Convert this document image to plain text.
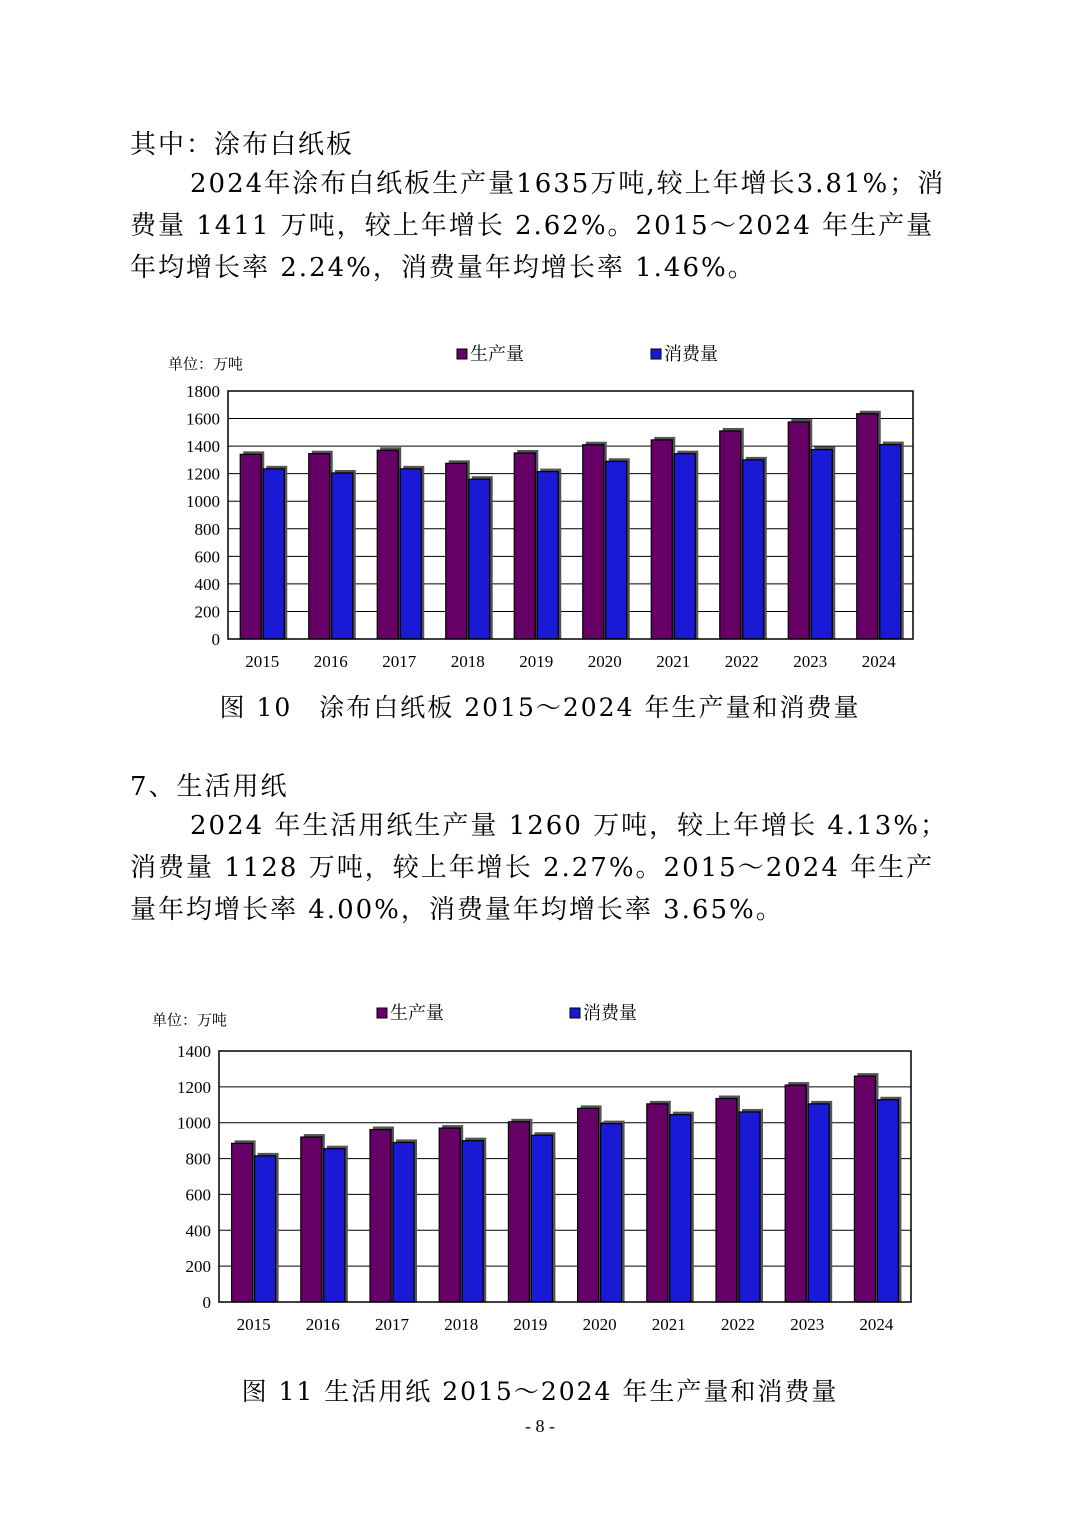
其中：涂布白纸板
2024年涂布白纸板生产量1635万吨,较上年增长3.81%；消费量 1411 万吨，较上年增长 2.62%。2015～2024 年生产量年均增长率 2.24%，消费量年均增长率 1.46%。
单位：万吨	生产量	消费量
0
200
400
600
800
1000
1200
1400
1600
1800
2015 2016 2017 2018 2019 2020 2021 2022 2023 2024
图 10　涂布白纸板 2015～2024 年生产量和消费量
7、生活用纸
2024 年生活用纸生产量 1260 万吨，较上年增长 4.13%；消费量 1128 万吨，较上年增长 2.27%。2015～2024 年生产量年均增长率 4.00%，消费量年均增长率 3.65%。
单位：万吨	生产量	消费量
0
200
400
600
800
1000
1200
1400
2015 2016 2017 2018 2019 2020 2021 2022 2023 2024
图 11 生活用纸 2015～2024 年生产量和消费量
- 8 -
